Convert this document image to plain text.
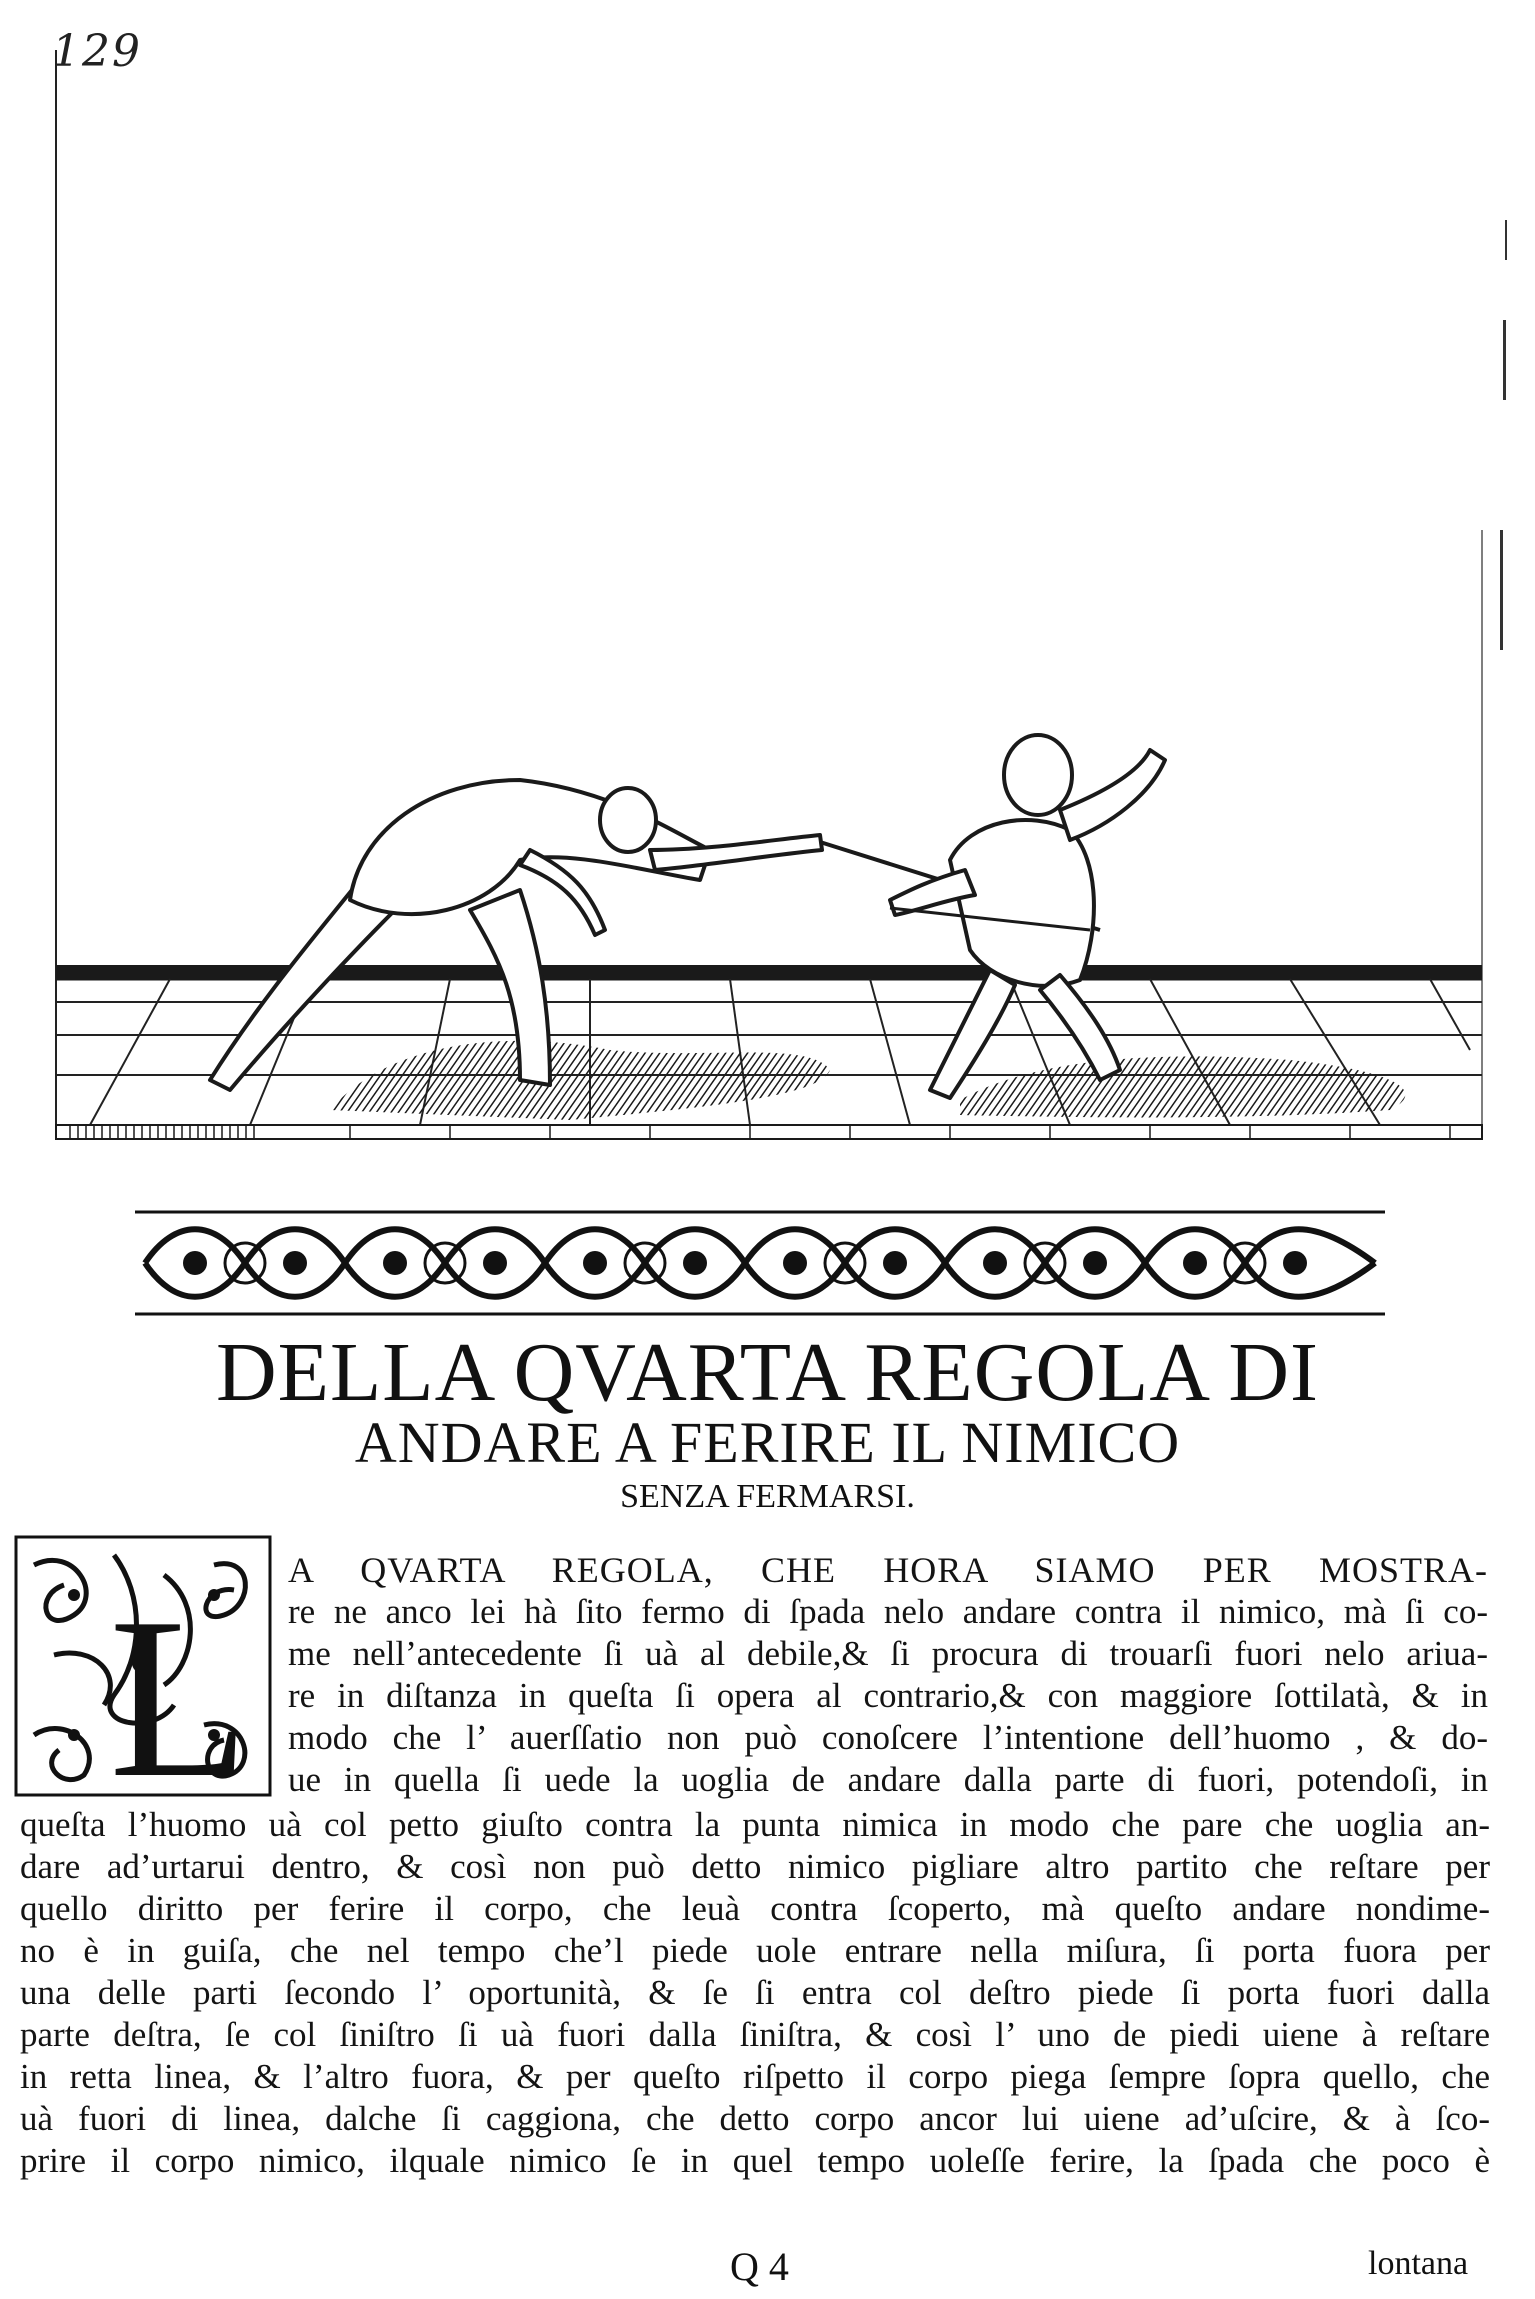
129
DELLA QVARTA REGOLA DI
ANDARE A FERIRE IL NIMICO
SENZA FERMARSI.
L A QVARTA REGOLA, CHE HORA SIAMO PER MOSTRA-
re ne anco lei hà ſito fermo di ſpada nelo andare contra il nimico, mà ſi co-
me nell’antecedente ſi uà al debile,& ſi procura di trouarſi fuori nelo ariua-
re in diſtanza in queſta ſi opera al contrario,& con maggiore ſottilatà, & in
modo che l’ auerſſatio non può conoſcere l’intentione dell’huomo , & do-
ue in quella ſi uede la uoglia de andare dalla parte di fuori, potendoſi, in
queſta l’huomo uà col petto giuſto contra la punta nimica in modo che pare che uoglia an-
dare ad’urtarui dentro, & così non può detto nimico pigliare altro partito che reſtare per
quello diritto per ferire il corpo, che leuà contra ſcoperto, mà queſto andare nondime-
no è in guiſa, che nel tempo che’l piede uole entrare nella miſura, ſi porta fuora per
una delle parti ſecondo l’ oportunità, & ſe ſi entra col deſtro piede ſi porta fuori dalla
parte deſtra, ſe col ſiniſtro ſi uà fuori dalla ſiniſtra, & così l’ uno de piedi uiene à reſtare
in retta linea, & l’altro fuora, & per queſto riſpetto il corpo piega ſempre ſopra quello, che
uà fuori di linea, dalche ſi caggiona, che detto corpo ancor lui uiene ad’uſcire, & à ſco-
prire il corpo nimico, ilquale nimico ſe in quel tempo uoleſſe ferire, la ſpada che poco è
Q 4	lontana
